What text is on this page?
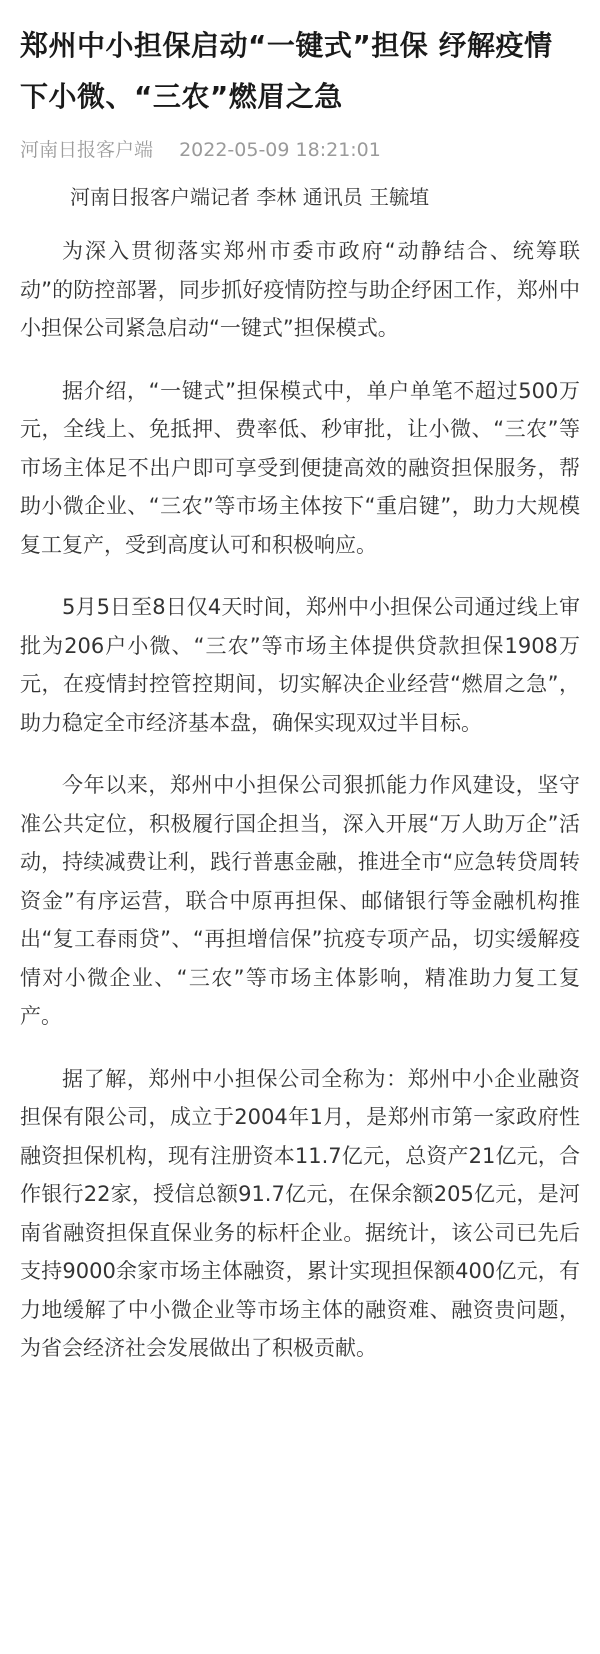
郑州中小担保启动“一键式”担保 纾解疫情下小微、“三农”燃眉之急
河南日报客户端 2022-05-09 18:21:01
河南日报客户端记者 李林 通讯员 王毓埴

为深入贯彻落实郑州市委市政府“动静结合、统筹联动”的防控部署，同步抓好疫情防控与助企纾困工作，郑州中小担保公司紧急启动“一键式”担保模式。

据介绍，“一键式”担保模式中，单户单笔不超过500万元，全线上、免抵押、费率低、秒审批，让小微、“三农”等市场主体足不出户即可享受到便捷高效的融资担保服务，帮助小微企业、“三农”等市场主体按下“重启键”，助力大规模复工复产，受到高度认可和积极响应。

5月5日至8日仅4天时间，郑州中小担保公司通过线上审批为206户小微、“三农”等市场主体提供贷款担保1908万元，在疫情封控管控期间，切实解决企业经营“燃眉之急”，助力稳定全市经济基本盘，确保实现双过半目标。

今年以来，郑州中小担保公司狠抓能力作风建设，坚守准公共定位，积极履行国企担当，深入开展“万人助万企”活动，持续减费让利，践行普惠金融，推进全市“应急转贷周转资金”有序运营，联合中原再担保、邮储银行等金融机构推出“复工春雨贷”、“再担增信保”抗疫专项产品，切实缓解疫情对小微企业、“三农”等市场主体影响，精准助力复工复产。

据了解，郑州中小担保公司全称为：郑州中小企业融资担保有限公司，成立于2004年1月，是郑州市第一家政府性融资担保机构，现有注册资本11.7亿元，总资产21亿元，合作银行22家，授信总额91.7亿元，在保余额205亿元，是河南省融资担保直保业务的标杆企业。据统计，该公司已先后支持9000余家市场主体融资，累计实现担保额400亿元，有力地缓解了中小微企业等市场主体的融资难、融资贵问题，为省会经济社会发展做出了积极贡献。
